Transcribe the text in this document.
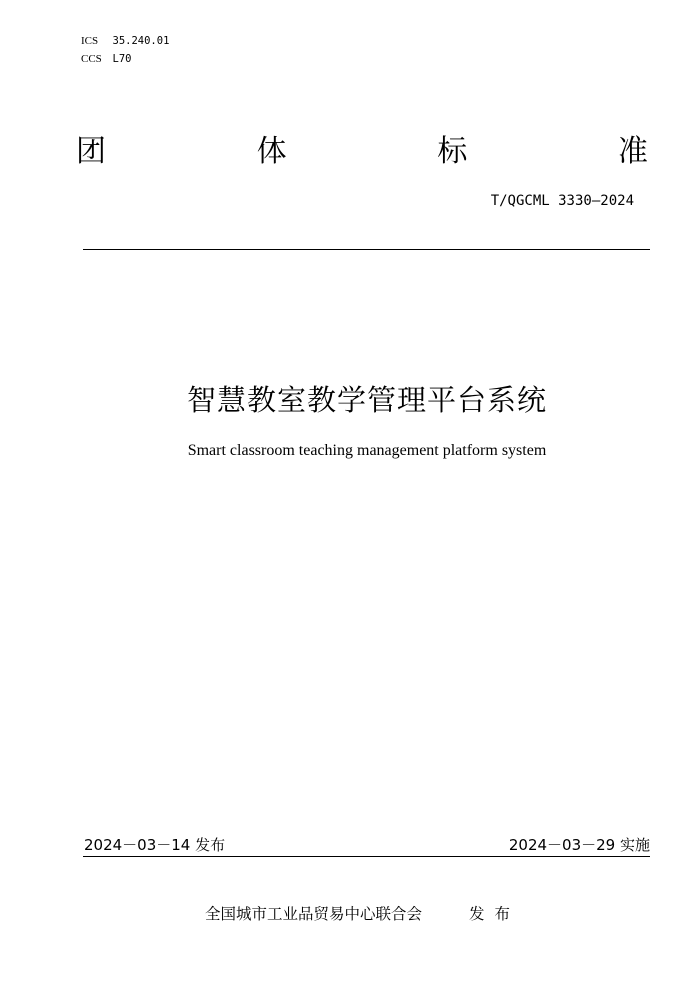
ICS 35.240.01
CCS L70
团	体	标	准
T/QGCML 3330—2024
智慧教室教学管理平台系统
Smart classroom teaching management platform system
2024－03－14 发布	2024－03－29 实施
全国城市工业品贸易中心联合会	发布
